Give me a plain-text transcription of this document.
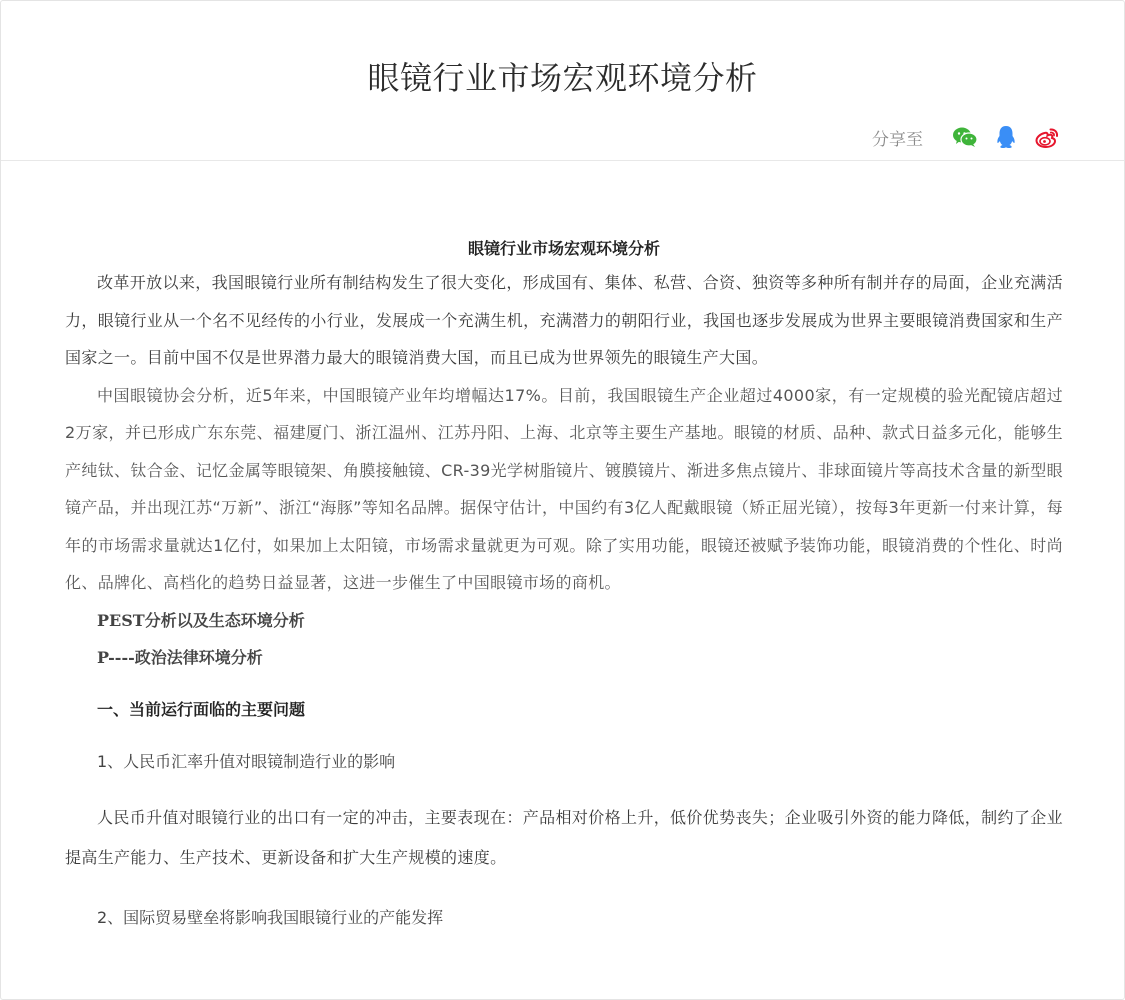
眼镜行业市场宏观环境分析
分享至
眼镜行业市场宏观环境分析

改革开放以来，我国眼镜行业所有制结构发生了很大变化，形成国有、集体、私营、合资、独资等多种所有制并存的局面，企业充满活力，眼镜行业从一个名不见经传的小行业，发展成一个充满生机，充满潜力的朝阳行业，我国也逐步发展成为世界主要眼镜消费国家和生产国家之一。目前中国不仅是世界潜力最大的眼镜消费大国，而且已成为世界领先的眼镜生产大国。

中国眼镜协会分析，近5年来，中国眼镜产业年均增幅达17%。目前，我国眼镜生产企业超过4000家，有一定规模的验光配镜店超过2万家，并已形成广东东莞、福建厦门、浙江温州、江苏丹阳、上海、北京等主要生产基地。眼镜的材质、品种、款式日益多元化，能够生产纯钛、钛合金、记忆金属等眼镜架、角膜接触镜、CR-39光学树脂镜片、镀膜镜片、渐进多焦点镜片、非球面镜片等高技术含量的新型眼镜产品，并出现江苏“万新”、浙江“海豚”等知名品牌。据保守估计，中国约有3亿人配戴眼镜（矫正屈光镜），按每3年更新一付来计算，每年的市场需求量就达1亿付，如果加上太阳镜，市场需求量就更为可观。除了实用功能，眼镜还被赋予装饰功能，眼镜消费的个性化、时尚化、品牌化、高档化的趋势日益显著，这进一步催生了中国眼镜市场的商机。

PEST分析以及生态环境分析

P----政治法律环境分析

一、当前运行面临的主要问题

1、人民币汇率升值对眼镜制造行业的影响

人民币升值对眼镜行业的出口有一定的冲击，主要表现在：产品相对价格上升，低价优势丧失；企业吸引外资的能力降低，制约了企业提高生产能力、生产技术、更新设备和扩大生产规模的速度。

2、国际贸易壁垒将影响我国眼镜行业的产能发挥
